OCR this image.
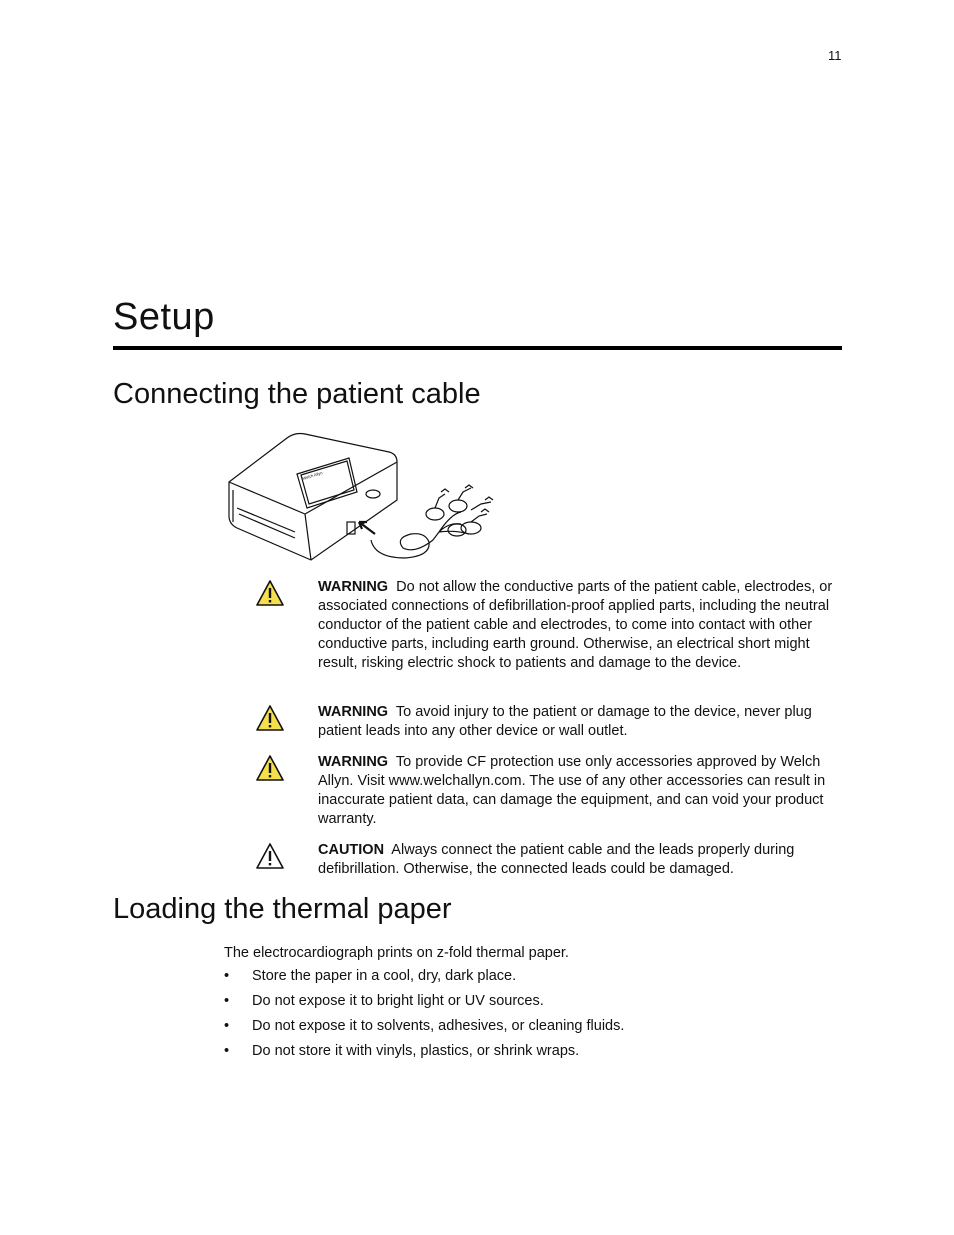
11
Setup
Connecting the patient cable
Welch Allyn
WARNING Do not allow the conductive parts of the patient cable, electrodes, or associated connections of defibrillation-proof applied parts, including the neutral conductor of the patient cable and electrodes, to come into contact with other conductive parts, including earth ground. Otherwise, an electrical short might result, risking electric shock to patients and damage to the device.
WARNING To avoid injury to the patient or damage to the device, never plug patient leads into any other device or wall outlet.
WARNING To provide CF protection use only accessories approved by Welch Allyn. Visit www.welchallyn.com. The use of any other accessories can result in inaccurate patient data, can damage the equipment, and can void your product warranty.
CAUTION Always connect the patient cable and the leads properly during defibrillation. Otherwise, the connected leads could be damaged.
Loading the thermal paper
The electrocardiograph prints on z-fold thermal paper.
•	Store the paper in a cool, dry, dark place.
•	Do not expose it to bright light or UV sources.
•	Do not expose it to solvents, adhesives, or cleaning fluids.
•	Do not store it with vinyls, plastics, or shrink wraps.
